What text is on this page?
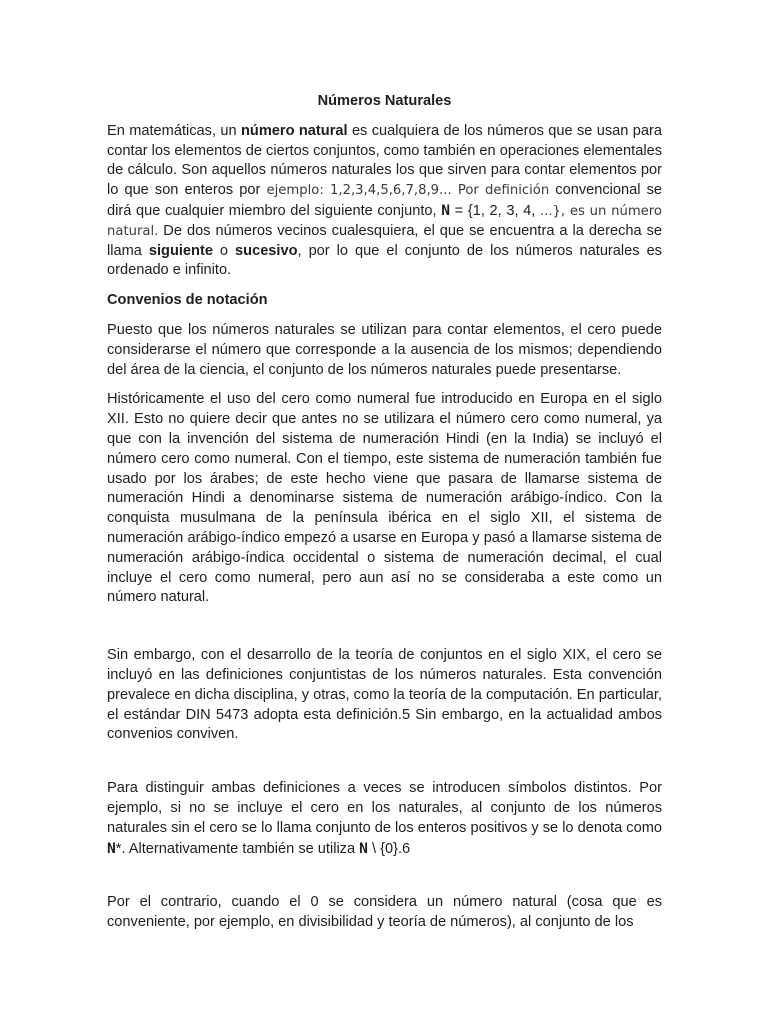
Números Naturales

En matemáticas, un número natural es cualquiera de los números que se usan para contar los elementos de ciertos conjuntos, como también en operaciones elementales de cálculo. Son aquellos números naturales los que sirven para contar elementos por lo que son enteros por ejemplo: 1,2,3,4,5,6,7,8,9... Por definición convencional se dirá que cualquier miembro del siguiente conjunto, N = {1, 2, 3, 4, ...}, es un número natural. De dos números vecinos cualesquiera, el que se encuentra a la derecha se llama siguiente o sucesivo, por lo que el conjunto de los números naturales es ordenado e infinito.

Convenios de notación

Puesto que los números naturales se utilizan para contar elementos, el cero puede considerarse el número que corresponde a la ausencia de los mismos; dependiendo del área de la ciencia, el conjunto de los números naturales puede presentarse.

Históricamente el uso del cero como numeral fue introducido en Europa en el siglo XII. Esto no quiere decir que antes no se utilizara el número cero como numeral, ya que con la invención del sistema de numeración Hindi (en la India) se incluyó el número cero como numeral. Con el tiempo, este sistema de numeración también fue usado por los árabes; de este hecho viene que pasara de llamarse sistema de numeración Hindi a denominarse sistema de numeración arábigo-índico. Con la conquista musulmana de la península ibérica en el siglo XII, el sistema de numeración arábigo-índico empezó a usarse en Europa y pasó a llamarse sistema de numeración arábigo-índica occidental o sistema de numeración decimal, el cual incluye el cero como numeral, pero aun así no se consideraba a este como un número natural.

Sin embargo, con el desarrollo de la teoría de conjuntos en el siglo XIX, el cero se incluyó en las definiciones conjuntistas de los números naturales. Esta convención prevalece en dicha disciplina, y otras, como la teoría de la computación. En particular, el estándar DIN 5473 adopta esta definición.5 Sin embargo, en la actualidad ambos convenios conviven.

Para distinguir ambas definiciones a veces se introducen símbolos distintos. Por ejemplo, si no se incluye el cero en los naturales, al conjunto de los números naturales sin el cero se lo llama conjunto de los enteros positivos y se lo denota como N*. Alternativamente también se utiliza N \ {0}.6

Por el contrario, cuando el 0 se considera un número natural (cosa que es conveniente, por ejemplo, en divisibilidad y teoría de números), al conjunto de los
